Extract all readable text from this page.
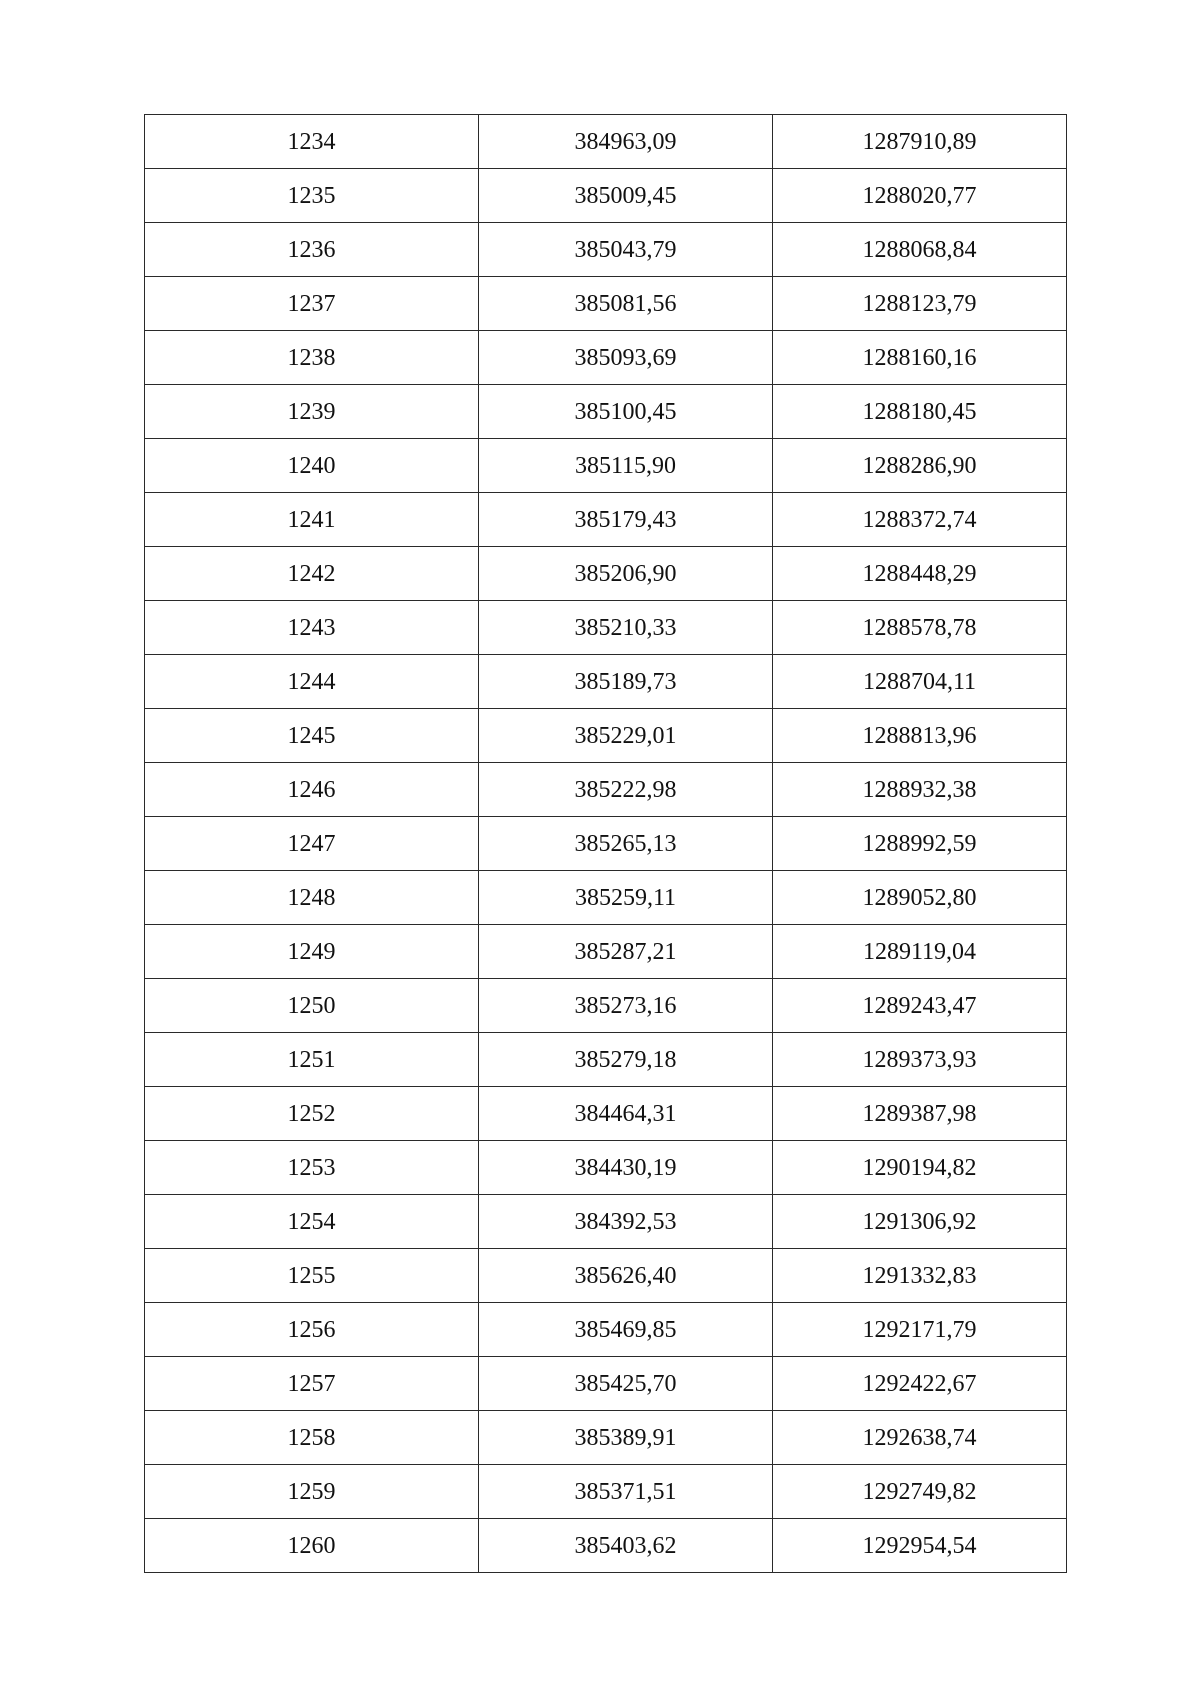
1234	384963,09	1287910,89
1235	385009,45	1288020,77
1236	385043,79	1288068,84
1237	385081,56	1288123,79
1238	385093,69	1288160,16
1239	385100,45	1288180,45
1240	385115,90	1288286,90
1241	385179,43	1288372,74
1242	385206,90	1288448,29
1243	385210,33	1288578,78
1244	385189,73	1288704,11
1245	385229,01	1288813,96
1246	385222,98	1288932,38
1247	385265,13	1288992,59
1248	385259,11	1289052,80
1249	385287,21	1289119,04
1250	385273,16	1289243,47
1251	385279,18	1289373,93
1252	384464,31	1289387,98
1253	384430,19	1290194,82
1254	384392,53	1291306,92
1255	385626,40	1291332,83
1256	385469,85	1292171,79
1257	385425,70	1292422,67
1258	385389,91	1292638,74
1259	385371,51	1292749,82
1260	385403,62	1292954,54
